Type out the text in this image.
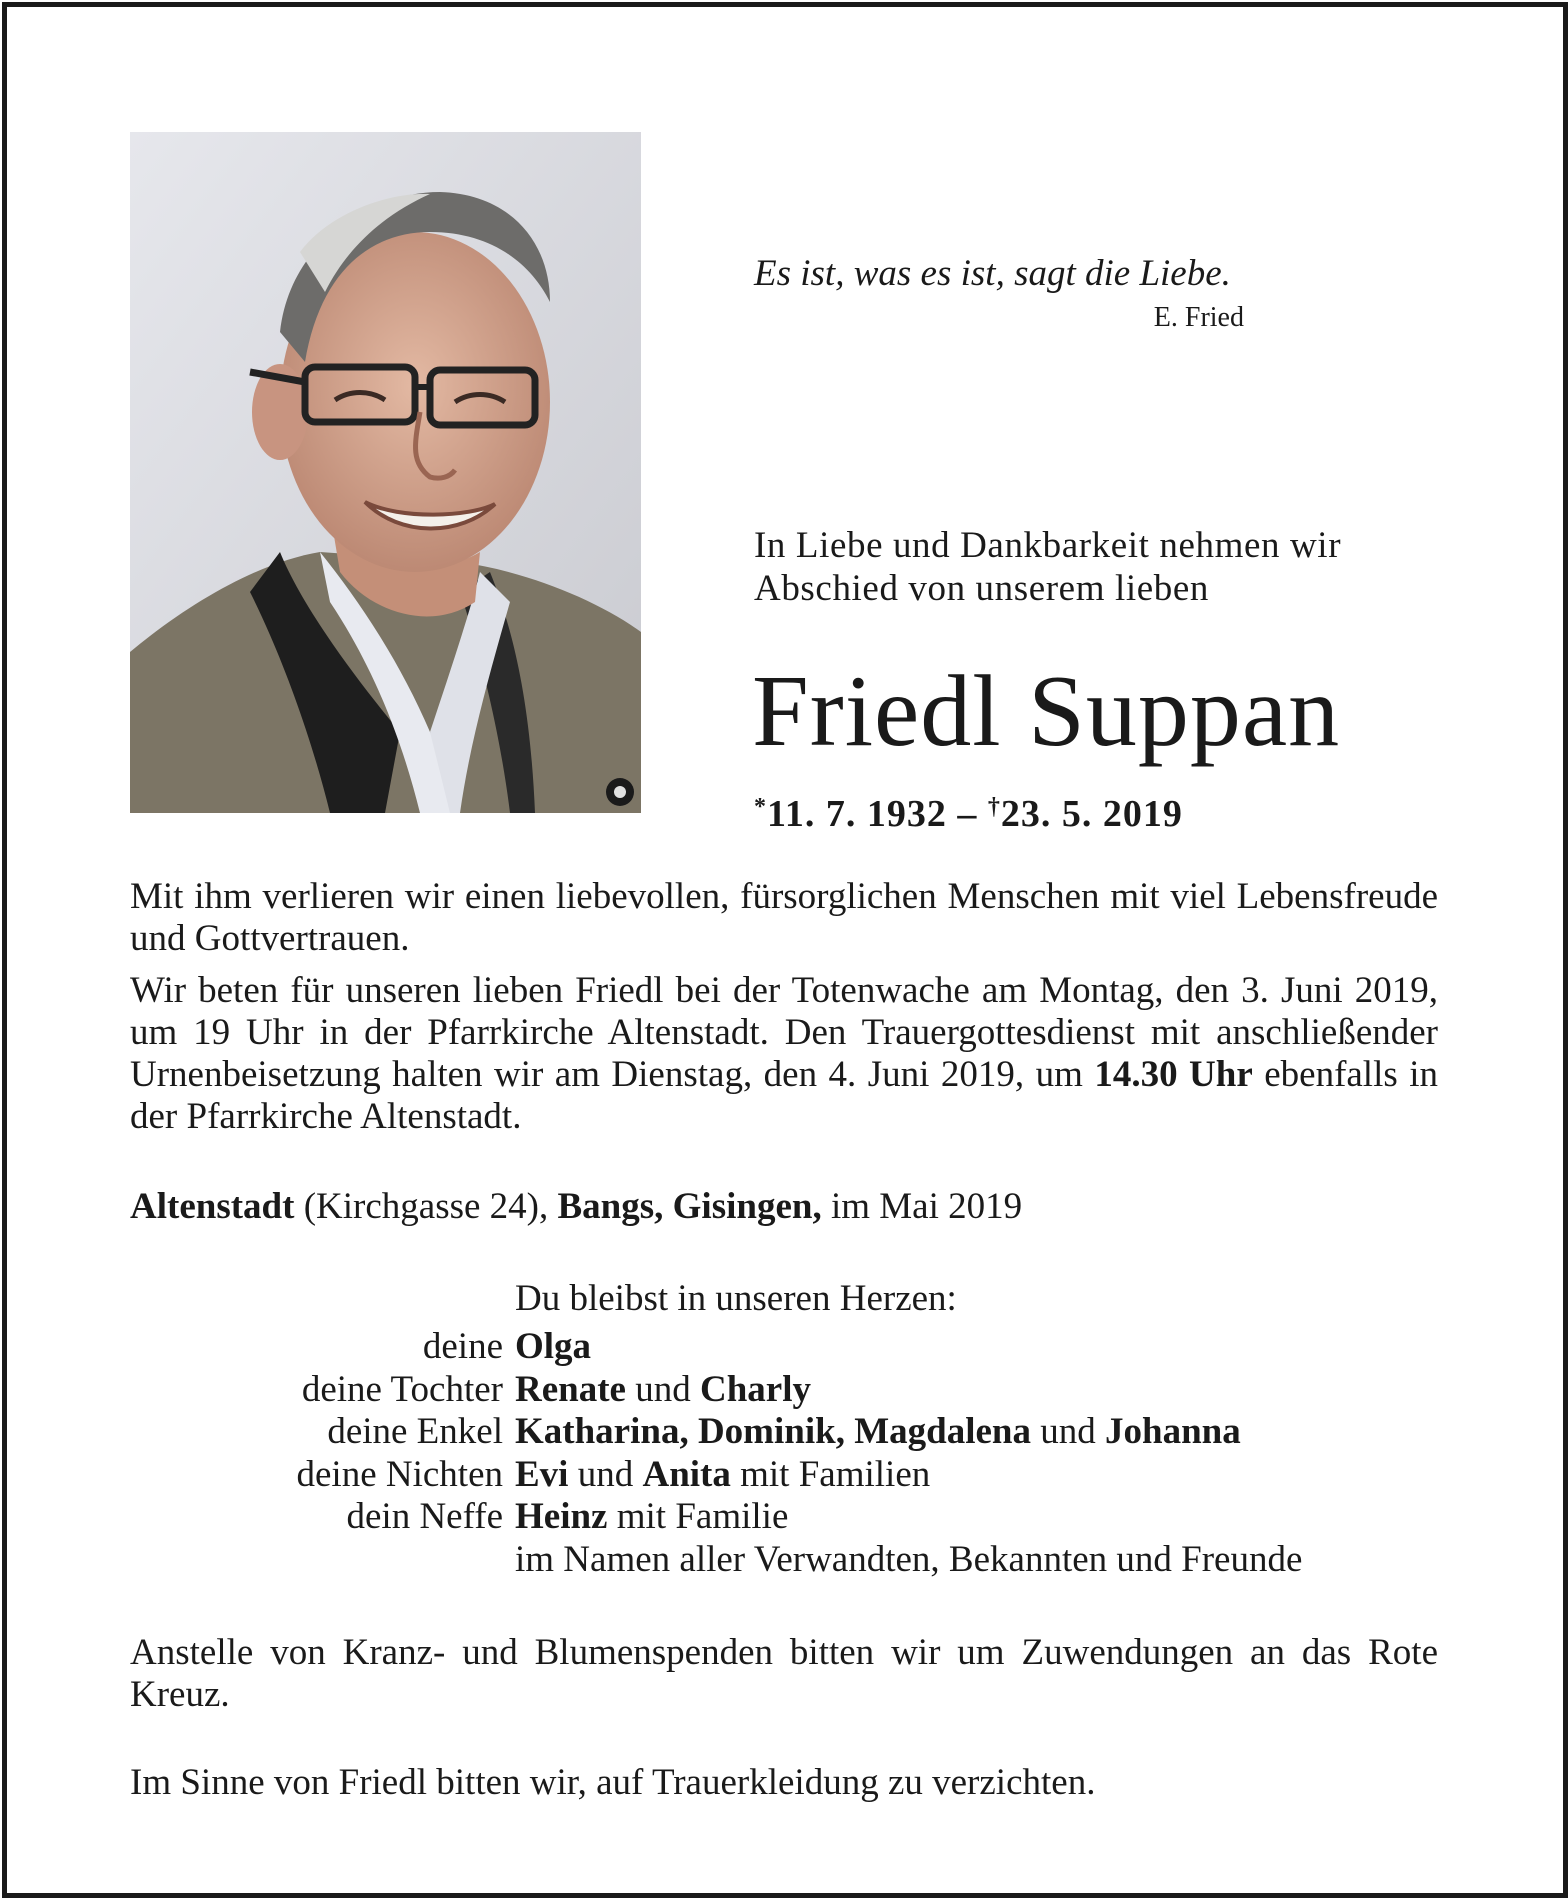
Es ist, was es ist, sagt die Liebe.
E. Fried
In Liebe und Dankbarkeit nehmen wir
Abschied von unserem lieben
Friedl Suppan
*11. 7. 1932 – †23. 5. 2019

Mit ihm verlieren wir einen liebevollen, fürsorglichen Menschen mit viel Lebensfreude und Gottvertrauen.

Wir beten für unseren lieben Friedl bei der Totenwache am Montag, den 3. Juni 2019, um 19 Uhr in der Pfarrkirche Altenstadt. Den Trauergottesdienst mit anschließender Urnenbeisetzung halten wir am Dienstag, den 4. Juni 2019, um 14.30 Uhr ebenfalls in der Pfarrkirche Altenstadt.

Altenstadt (Kirchgasse 24), Bangs, Gisingen, im Mai 2019
Du bleibst in unseren Herzen:
deine Olga
deine Tochter Renate und Charly
deine Enkel Katharina, Dominik, Magdalena und Johanna
deine Nichten Evi und Anita mit Familien
dein Neffe Heinz mit Familie
im Namen aller Verwandten, Bekannten und Freunde
Anstelle von Kranz- und Blumenspenden bitten wir um Zuwendungen an das Rote Kreuz.
Im Sinne von Friedl bitten wir, auf Trauerkleidung zu verzichten.
